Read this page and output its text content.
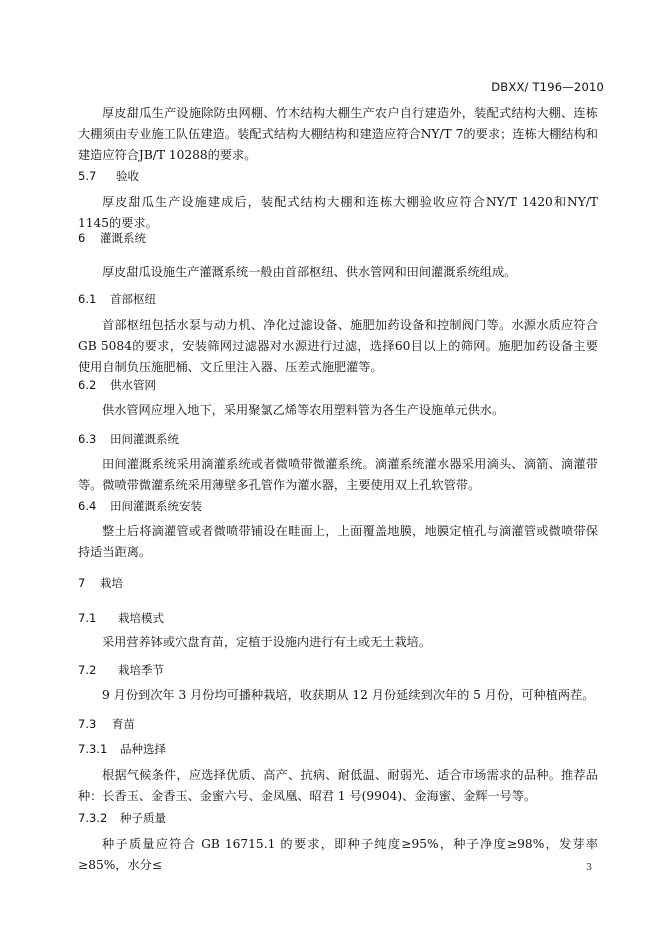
DBXX/ T196—2010
厚皮甜瓜生产设施除防虫网棚、竹木结构大棚生产农户自行建造外，装配式结构大棚、连栋大棚须由专业施工队伍建造。装配式结构大棚结构和建造应符合NY/T 7的要求；连栋大棚结构和建造应符合JB/T 10288的要求。
5.7 验收
厚皮甜瓜生产设施建成后，装配式结构大棚和连栋大棚验收应符合NY/T 1420和NY/T 1145的要求。
6 灌溉系统
厚皮甜瓜设施生产灌溉系统一般由首部枢纽、供水管网和田间灌溉系统组成。
6.1 首部枢纽
首部枢纽包括水泵与动力机、净化过滤设备、施肥加药设备和控制阀门等。水源水质应符合GB 5084的要求，安装筛网过滤器对水源进行过滤，选择60目以上的筛网。施肥加药设备主要使用自制负压施肥桶、文丘里注入器、压差式施肥灌等。
6.2 供水管网
供水管网应埋入地下，采用聚氯乙烯等农用塑料管为各生产设施单元供水。
6.3 田间灌溉系统
田间灌溉系统采用滴灌系统或者微喷带微灌系统。滴灌系统灌水器采用滴头、滴箭、滴灌带等。微喷带微灌系统采用薄壁多孔管作为灌水器，主要使用双上孔软管带。
6.4 田间灌溉系统安装
整土后将滴灌管或者微喷带铺设在畦面上，上面覆盖地膜，地膜定植孔与滴灌管或微喷带保持适当距离。
7 栽培
7.1 栽培模式
采用营养钵或穴盘育苗，定植于设施内进行有土或无土栽培。
7.2 栽培季节
9 月份到次年 3 月份均可播种栽培，收获期从 12 月份延续到次年的 5 月份，可种植两茬。
7.3 育苗
7.3.1 品种选择
根据气候条件，应选择优质、高产、抗病、耐低温、耐弱光、适合市场需求的品种。推荐品种：长香玉、金香玉、金蜜六号、金凤凰、昭君 1 号(9904)、金海蜜、金辉一号等。
7.3.2 种子质量
种子质量应符合 GB 16715.1 的要求，即种子纯度≥95%，种子净度≥98%，发芽率≥85%，水分≤	3
